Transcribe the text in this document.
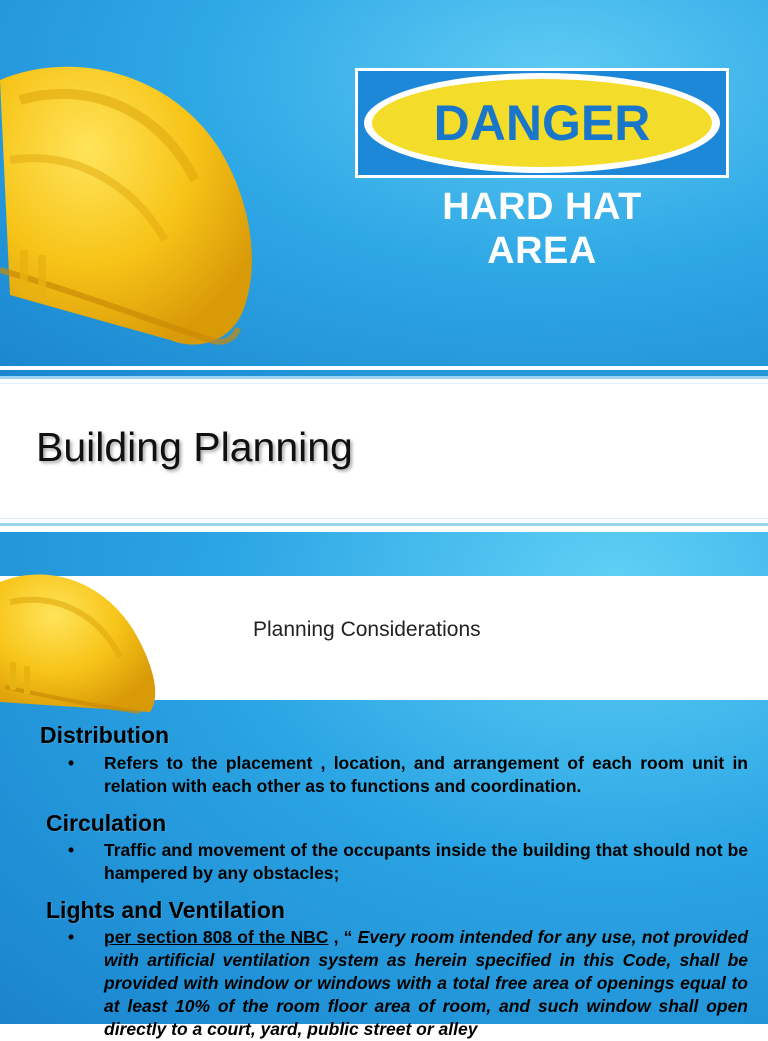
DANGER
HARD HAT
AREA
Building Planning
Planning Considerations
Distribution
• Refers to the placement , location, and arrangement of each room unit in relation with each other as to functions and coordination.
Circulation
• Traffic and movement of the occupants inside the building that should not be hampered by any obstacles;
Lights and Ventilation
• per section 808 of the NBC , “ Every room intended for any use, not provided with artificial ventilation system as herein specified in this Code, shall be provided with window or windows with a total free area of openings equal to at least 10% of the room floor area of room, and such window shall open directly to a court, yard, public street or alley
